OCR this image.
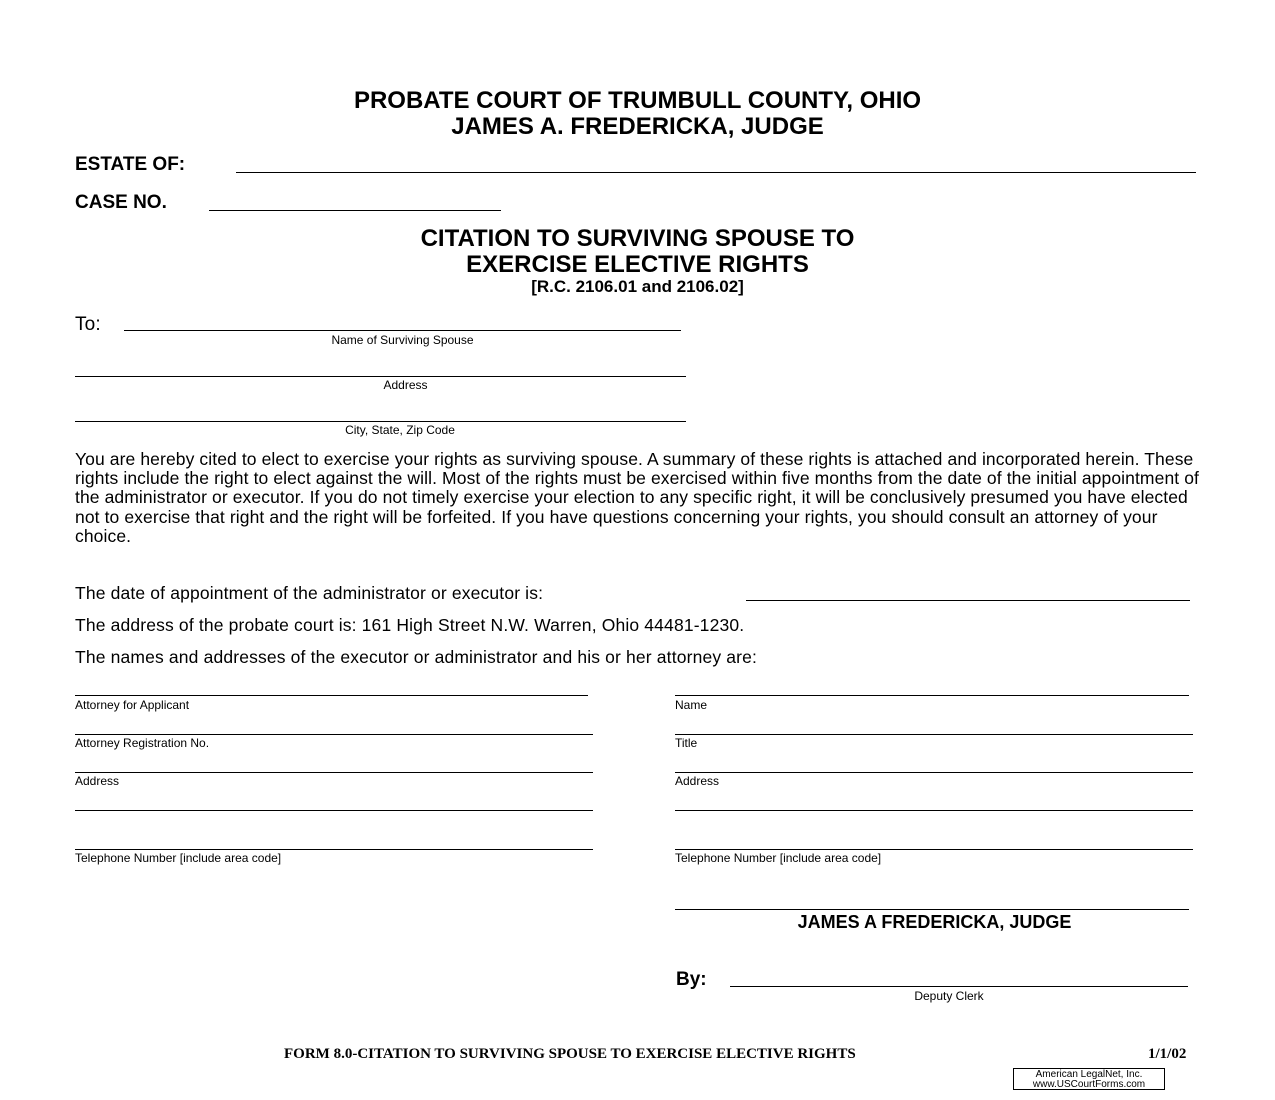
PROBATE COURT OF TRUMBULL COUNTY, OHIO
JAMES A. FREDERICKA, JUDGE
ESTATE OF:
CASE NO.
CITATION TO SURVIVING SPOUSE TO
EXERCISE ELECTIVE RIGHTS
[R.C. 2106.01 and 2106.02]
To:
Name of Surviving Spouse
Address
City, State, Zip Code
You are hereby cited to elect to exercise your rights as surviving spouse. A summary of these rights is attached and incorporated herein. These rights include the right to elect against the will. Most of the rights must be exercised within five months from the date of the initial appointment of the administrator or executor. If you do not timely exercise your election to any specific right, it will be conclusively presumed you have elected not to exercise that right and the right will be forfeited. If you have questions concerning your rights, you should consult an attorney of your choice.
The date of appointment of the administrator or executor is:
The address of the probate court is: 161 High Street N.W. Warren, Ohio 44481-1230.
The names and addresses of the executor or administrator and his or her attorney are:
Attorney for Applicant
Attorney Registration No.
Address
Telephone Number [include area code]
Name
Title
Address
Telephone Number [include area code]
JAMES A FREDERICKA, JUDGE
By:
Deputy Clerk
FORM 8.0-CITATION TO SURVIVING SPOUSE TO EXERCISE ELECTIVE RIGHTS	1/1/02
American LegalNet, Inc.
www.USCourtForms.com
